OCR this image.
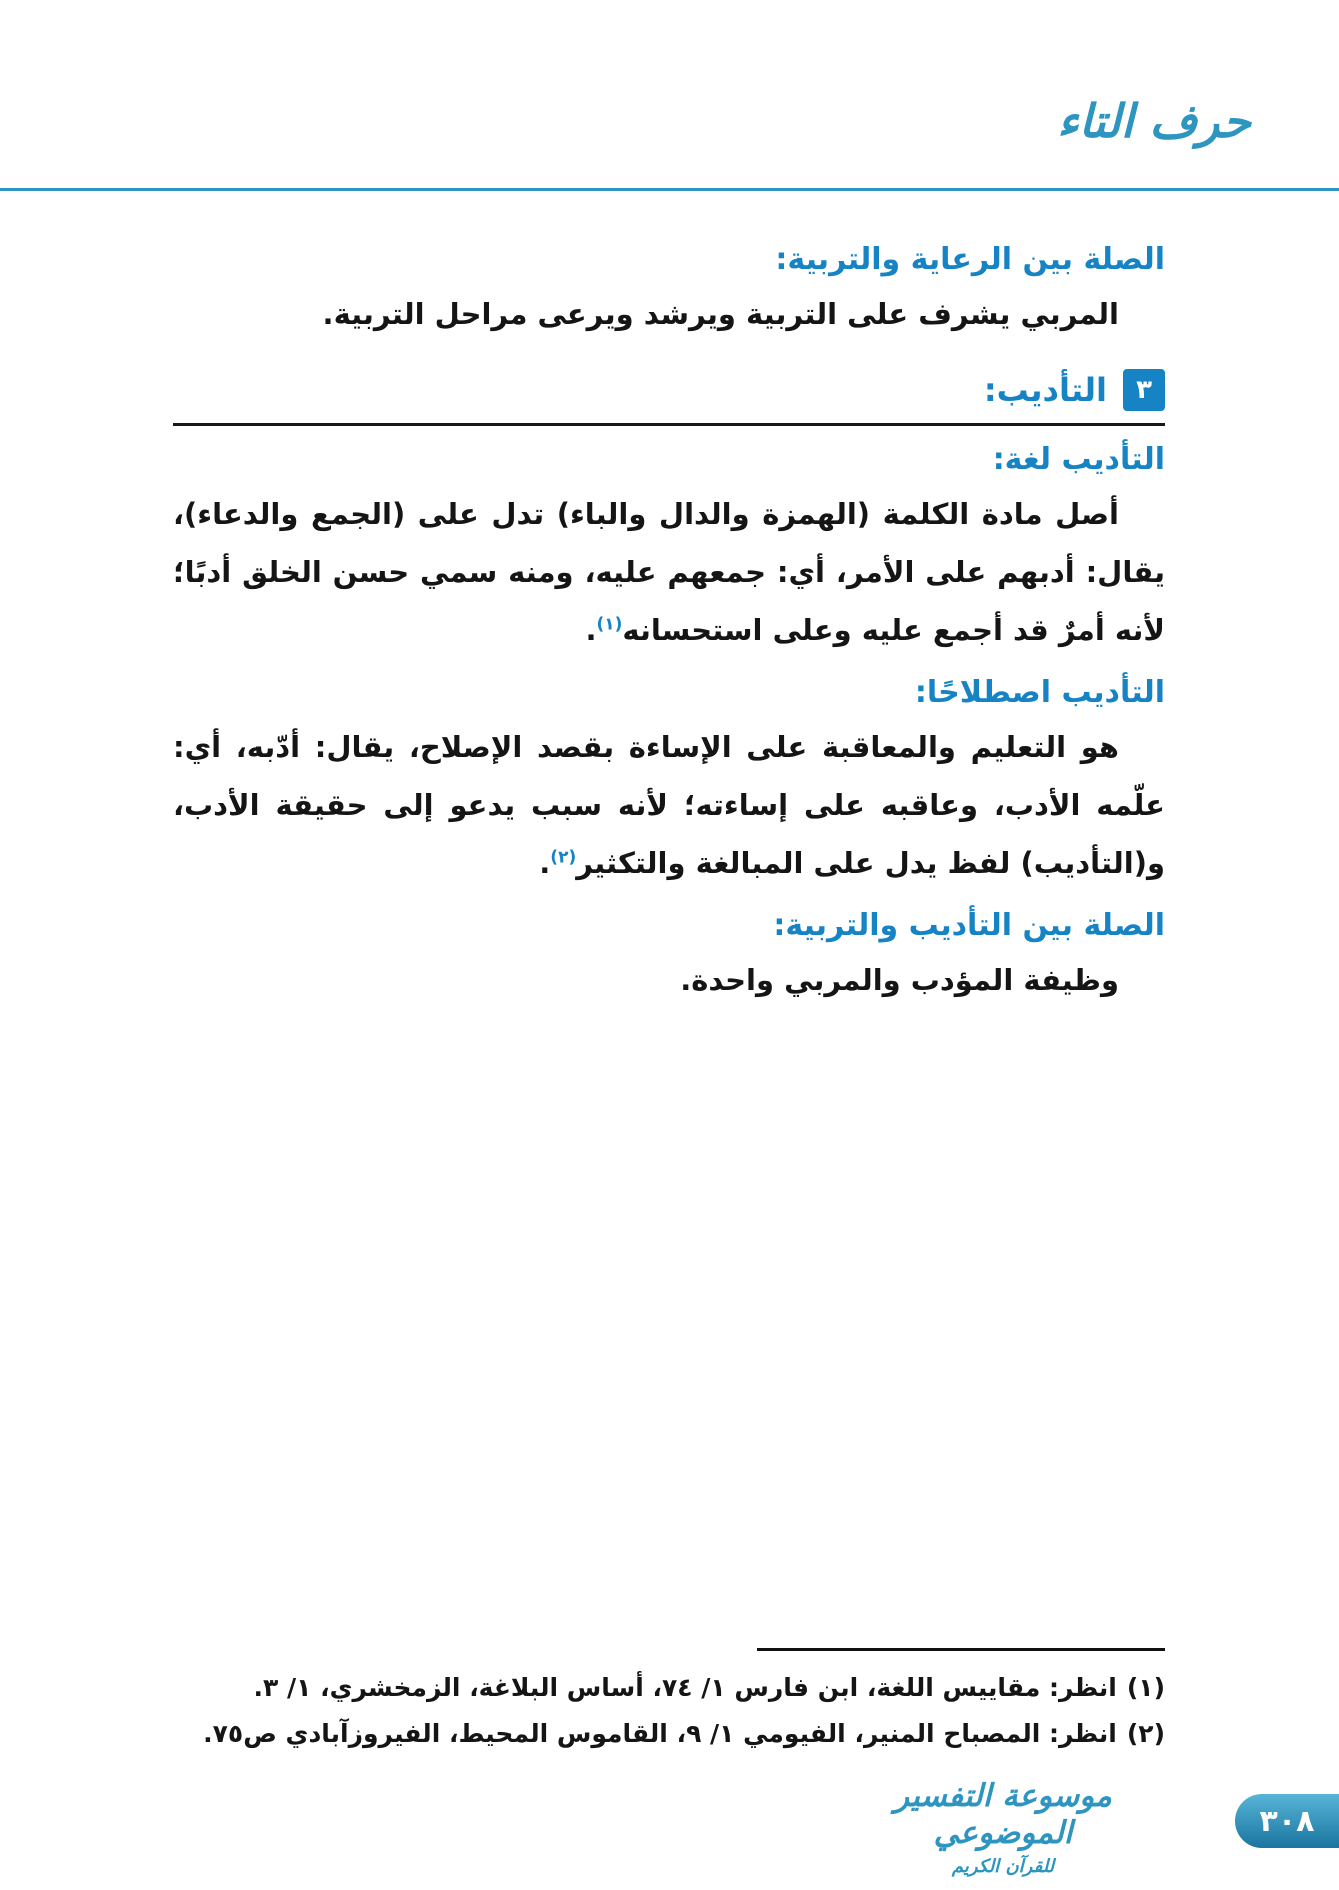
حرف التاء
الصلة بين الرعاية والتربية:

المربي يشرف على التربية ويرشد ويرعى مراحل التربية.

٣
التأديب:
التأديب لغة:

أصل مادة الكلمة (الهمزة والدال والباء) تدل على (الجمع والدعاء)، يقال: أدبهم على الأمر، أي: جمعهم عليه، ومنه سمي حسن الخلق أدبًا؛ لأنه أمرٌ قد أجمع عليه وعلى استحسانه$^{(١)}$.

التأديب اصطلاحًا:

هو التعليم والمعاقبة على الإساءة بقصد الإصلاح، يقال: أدّبه، أي: علّمه الأدب، وعاقبه على إساءته؛ لأنه سبب يدعو إلى حقيقة الأدب، و(التأديب) لفظ يدل على المبالغة والتكثير$^{(٢)}$.

الصلة بين التأديب والتربية:

وظيفة المؤدب والمربي واحدة.

(١)انظر: مقاييس اللغة، ابن فارس ١/ ٧٤، أساس البلاغة، الزمخشري، ١/ ٣.

(٢)انظر: المصباح المنير، الفيومي ١/ ٩، القاموس المحيط، الفيروزآبادي ص٧٥.

موسوعة التفسير الموضوعي
للقرآن الكريم
٣٠٨
